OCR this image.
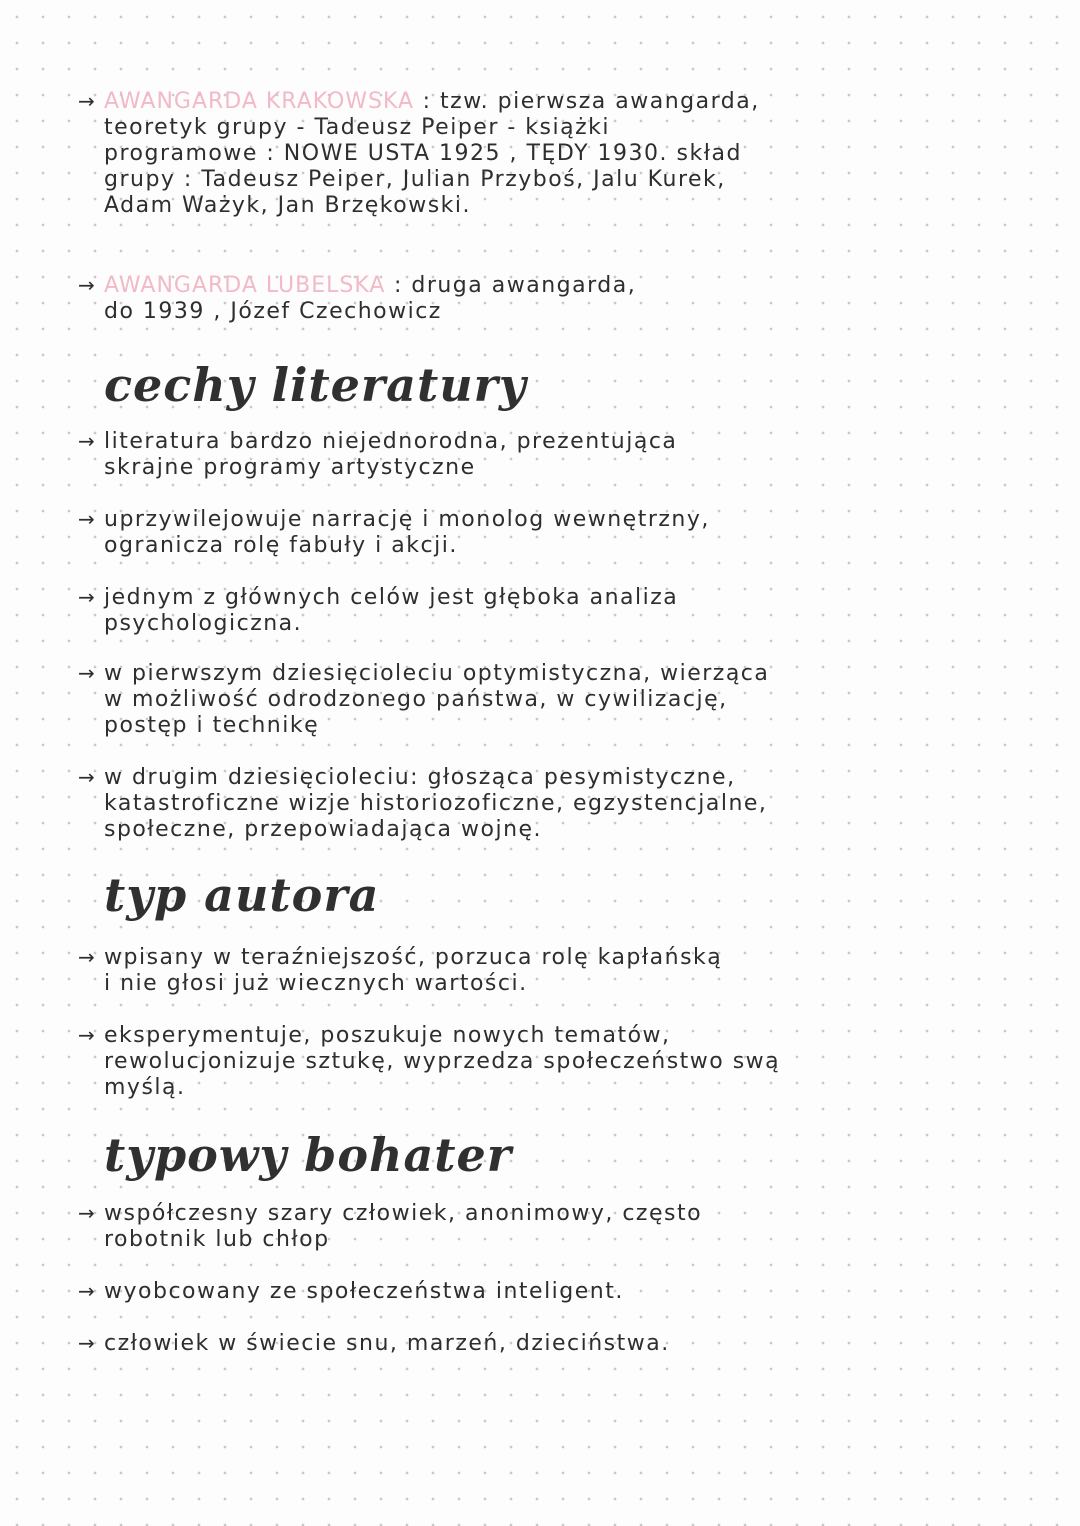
→ AWANGARDA KRAKOWSKA : tzw. pierwsza awangarda,
teoretyk grupy - Tadeusz Peiper - książki
programowe : NOWE USTA 1925 , TĘDY 1930. skład
grupy : Tadeusz Peiper, Julian Przyboś, Jalu Kurek,
Adam Ważyk, Jan Brzękowski.
→ AWANGARDA LUBELSKA : druga awangarda,
do 1939 , Józef Czechowicz
cechy literatury
→ literatura bardzo niejednorodna, prezentująca
skrajne programy artystyczne
→ uprzywilejowuje narrację i monolog wewnętrzny,
ogranicza rolę fabuły i akcji.
→ jednym z głównych celów jest głęboka analiza
psychologiczna.
→ w pierwszym dziesięcioleciu optymistyczna, wierząca
w możliwość odrodzonego państwa, w cywilizację,
postęp i technikę
→ w drugim dziesięcioleciu: głosząca pesymistyczne,
katastroficzne wizje historiozoficzne, egzystencjalne,
społeczne, przepowiadająca wojnę.
typ autora
→ wpisany w teraźniejszość, porzuca rolę kapłańską
i nie głosi już wiecznych wartości.
→ eksperymentuje, poszukuje nowych tematów,
rewolucjonizuje sztukę, wyprzedza społeczeństwo swą
myślą.
typowy bohater
→ współczesny szary człowiek, anonimowy, często
robotnik lub chłop
→ wyobcowany ze społeczeństwa inteligent.
→ człowiek w świecie snu, marzeń, dzieciństwa.
